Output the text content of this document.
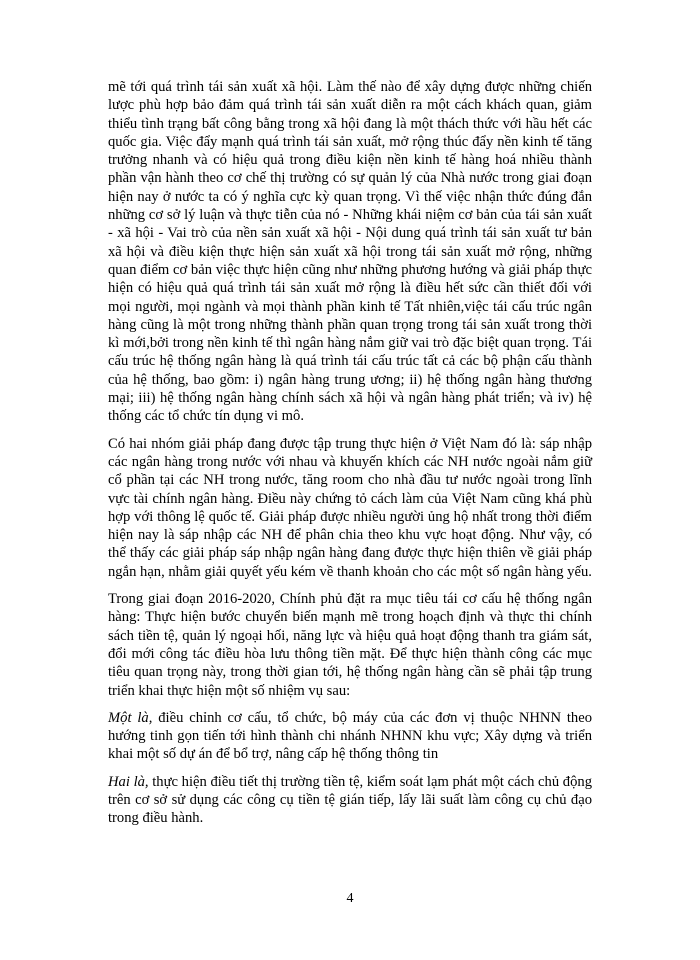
mẽ tới quá trình tái sản xuất xã hội. Làm thế nào để xây dựng được những chiến lược phù hợp bảo đảm quá trình tái sản xuất diễn ra một cách khách quan, giảm thiểu tình trạng bất công bằng trong xã hội đang là một thách thức với hầu hết các quốc gia. Việc đẩy mạnh quá trình tái sản xuất, mở rộng thúc đẩy nền kinh tế tăng trưởng nhanh và có hiệu quả trong điều kiện nền kinh tế hàng hoá nhiều thành phần vận hành theo cơ chế thị trường có sự quản lý của Nhà nước trong giai đoạn hiện nay ở nước ta có ý nghĩa cực kỳ quan trọng. Vì thế việc nhận thức đúng đắn những cơ sở lý luận và thực tiễn của nó - Những khái niệm cơ bản của tái sản xuất - xã hội - Vai trò của nền sản xuất xã hội - Nội dung quá trình tái sản xuất tư bản xã hội và điều kiện thực hiện sản xuất xã hội trong tái sản xuất mở rộng, những quan điểm cơ bản việc thực hiện cũng như những phương hướng và giải pháp thực hiện có hiệu quả quá trình tái sản xuất mở rộng là điều hết sức cần thiết đối với mọi người, mọi ngành và mọi thành phần kinh tế Tất nhiên,việc tái cấu trúc ngân hàng cũng là một trong những thành phần quan trọng trong tái sản xuất trong thời kì mới,bởi trong nền kinh tế thì ngân hàng nắm giữ vai trò đặc biệt quan trọng. Tái cấu trúc hệ thống ngân hàng là quá trình tái cấu trúc tất cả các bộ phận cấu thành của hệ thống, bao gồm: i) ngân hàng trung ương; ii) hệ thống ngân hàng thương mại; iii) hệ thống ngân hàng chính sách xã hội và ngân hàng phát triển; và iv) hệ thống các tổ chức tín dụng vi mô.

Có hai nhóm giải pháp đang được tập trung thực hiện ở Việt Nam đó là: sáp nhập các ngân hàng trong nước với nhau và khuyến khích các NH nước ngoài nắm giữ cổ phần tại các NH trong nước, tăng room cho nhà đầu tư nước ngoài trong lĩnh vực tài chính ngân hàng. Điều này chứng tỏ cách làm của Việt Nam cũng khá phù hợp với thông lệ quốc tế. Giải pháp được nhiều người ủng hộ nhất trong thời điểm hiện nay là sáp nhập các NH để phân chia theo khu vực hoạt động. Như vậy, có thể thấy các giải pháp sáp nhập ngân hàng đang được thực hiện thiên về giải pháp ngắn hạn, nhằm giải quyết yếu kém về thanh khoản cho các một số ngân hàng yếu.

Trong giai đoạn 2016-2020, Chính phủ đặt ra mục tiêu tái cơ cấu hệ thống ngân hàng: Thực hiện bước chuyển biến mạnh mẽ trong hoạch định và thực thi chính sách tiền tệ, quản lý ngoại hối, năng lực và hiệu quả hoạt động thanh tra giám sát, đổi mới công tác điều hòa lưu thông tiền mặt. Để thực hiện thành công các mục tiêu quan trọng này, trong thời gian tới, hệ thống ngân hàng cần sẽ phải tập trung triển khai thực hiện một số nhiệm vụ sau:

Một là, điều chỉnh cơ cấu, tổ chức, bộ máy của các đơn vị thuộc NHNN theo hướng tinh gọn tiến tới hình thành chi nhánh NHNN khu vực; Xây dựng và triển khai một số dự án để bổ trợ, nâng cấp hệ thống thông tin

Hai là, thực hiện điều tiết thị trường tiền tệ, kiểm soát lạm phát một cách chủ động trên cơ sở sử dụng các công cụ tiền tệ gián tiếp, lấy lãi suất làm công cụ chủ đạo trong điều hành.

4
